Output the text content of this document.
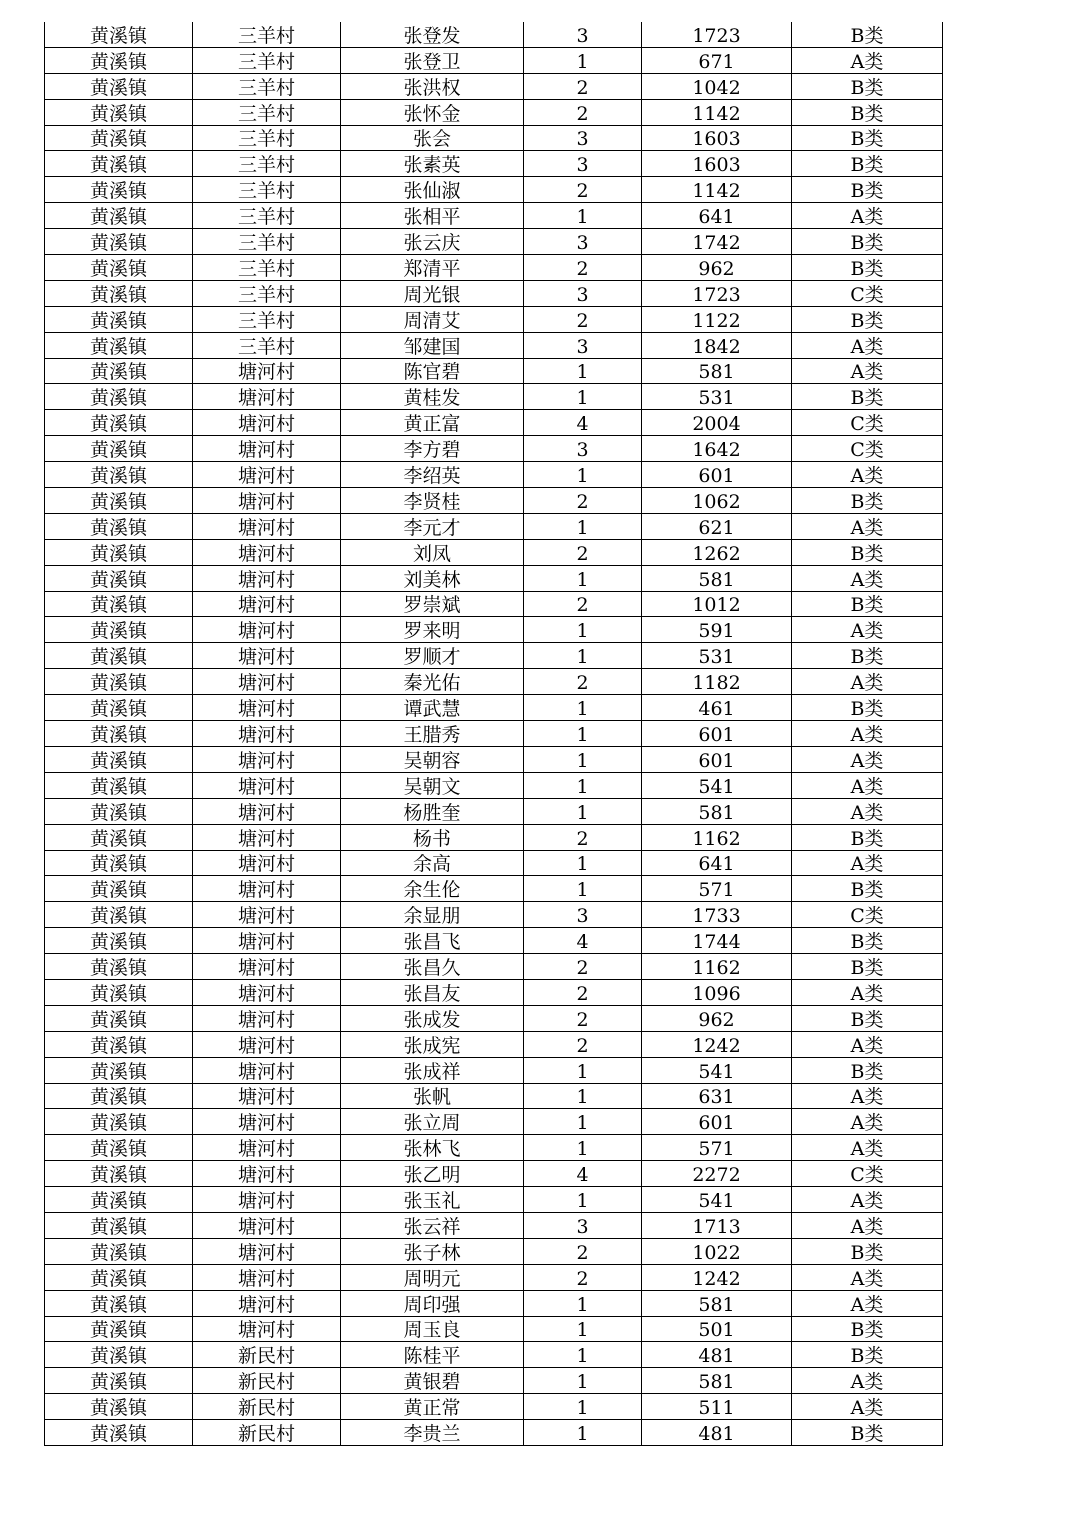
黄溪镇	三羊村	张登发	3	1723	B类
黄溪镇	三羊村	张登卫	1	671	A类
黄溪镇	三羊村	张洪权	2	1042	B类
黄溪镇	三羊村	张怀金	2	1142	B类
黄溪镇	三羊村	张会	3	1603	B类
黄溪镇	三羊村	张素英	3	1603	B类
黄溪镇	三羊村	张仙淑	2	1142	B类
黄溪镇	三羊村	张相平	1	641	A类
黄溪镇	三羊村	张云庆	3	1742	B类
黄溪镇	三羊村	郑清平	2	962	B类
黄溪镇	三羊村	周光银	3	1723	C类
黄溪镇	三羊村	周清艾	2	1122	B类
黄溪镇	三羊村	邹建国	3	1842	A类
黄溪镇	塘河村	陈官碧	1	581	A类
黄溪镇	塘河村	黄桂发	1	531	B类
黄溪镇	塘河村	黄正富	4	2004	C类
黄溪镇	塘河村	李方碧	3	1642	C类
黄溪镇	塘河村	李绍英	1	601	A类
黄溪镇	塘河村	李贤桂	2	1062	B类
黄溪镇	塘河村	李元才	1	621	A类
黄溪镇	塘河村	刘凤	2	1262	B类
黄溪镇	塘河村	刘美林	1	581	A类
黄溪镇	塘河村	罗崇斌	2	1012	B类
黄溪镇	塘河村	罗来明	1	591	A类
黄溪镇	塘河村	罗顺才	1	531	B类
黄溪镇	塘河村	秦光佑	2	1182	A类
黄溪镇	塘河村	谭武慧	1	461	B类
黄溪镇	塘河村	王腊秀	1	601	A类
黄溪镇	塘河村	吴朝容	1	601	A类
黄溪镇	塘河村	吴朝文	1	541	A类
黄溪镇	塘河村	杨胜奎	1	581	A类
黄溪镇	塘河村	杨书	2	1162	B类
黄溪镇	塘河村	余高	1	641	A类
黄溪镇	塘河村	余生伦	1	571	B类
黄溪镇	塘河村	余显朋	3	1733	C类
黄溪镇	塘河村	张昌飞	4	1744	B类
黄溪镇	塘河村	张昌久	2	1162	B类
黄溪镇	塘河村	张昌友	2	1096	A类
黄溪镇	塘河村	张成发	2	962	B类
黄溪镇	塘河村	张成宪	2	1242	A类
黄溪镇	塘河村	张成祥	1	541	B类
黄溪镇	塘河村	张帆	1	631	A类
黄溪镇	塘河村	张立周	1	601	A类
黄溪镇	塘河村	张林飞	1	571	A类
黄溪镇	塘河村	张乙明	4	2272	C类
黄溪镇	塘河村	张玉礼	1	541	A类
黄溪镇	塘河村	张云祥	3	1713	A类
黄溪镇	塘河村	张子林	2	1022	B类
黄溪镇	塘河村	周明元	2	1242	A类
黄溪镇	塘河村	周印强	1	581	A类
黄溪镇	塘河村	周玉良	1	501	B类
黄溪镇	新民村	陈桂平	1	481	B类
黄溪镇	新民村	黄银碧	1	581	A类
黄溪镇	新民村	黄正常	1	511	A类
黄溪镇	新民村	李贵兰	1	481	B类
